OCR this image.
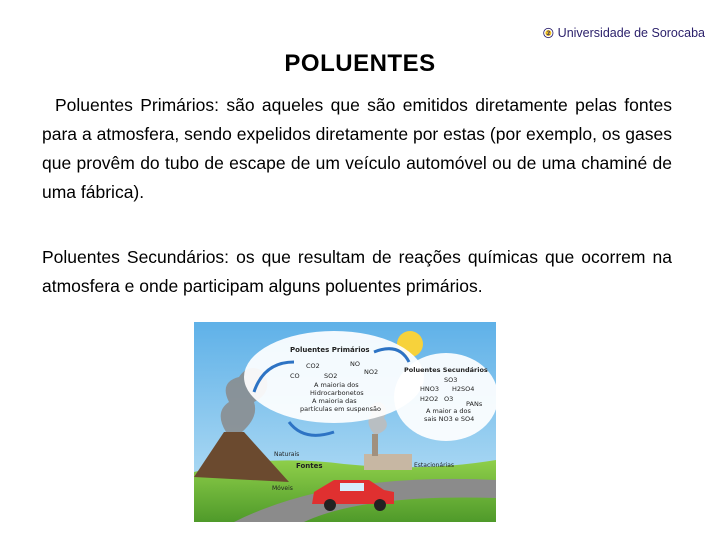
Universidade de Sorocaba
POLUENTES
Poluentes Primários: são aqueles que são emitidos diretamente pelas fontes para a atmosfera, sendo expelidos diretamente por estas (por exemplo, os gases que provêm do tubo de escape de um veículo automóvel ou de uma chaminé de uma fábrica).
Poluentes Secundários: os que resultam de reações químicas que ocorrem na atmosfera e onde participam alguns poluentes primários.
Poluentes Primários
CO2	NO
CO	SO2	NO2
A maioria dos
Hidrocarbonetos
A maioria das
partículas em suspensão
Poluentes Secundários
SO3
HNO3 H2SO4
H2O2 O3
PANs
A maior a dos
sais NO3 e SO4
Fontes
Naturais
Estacionárias
Móveis
